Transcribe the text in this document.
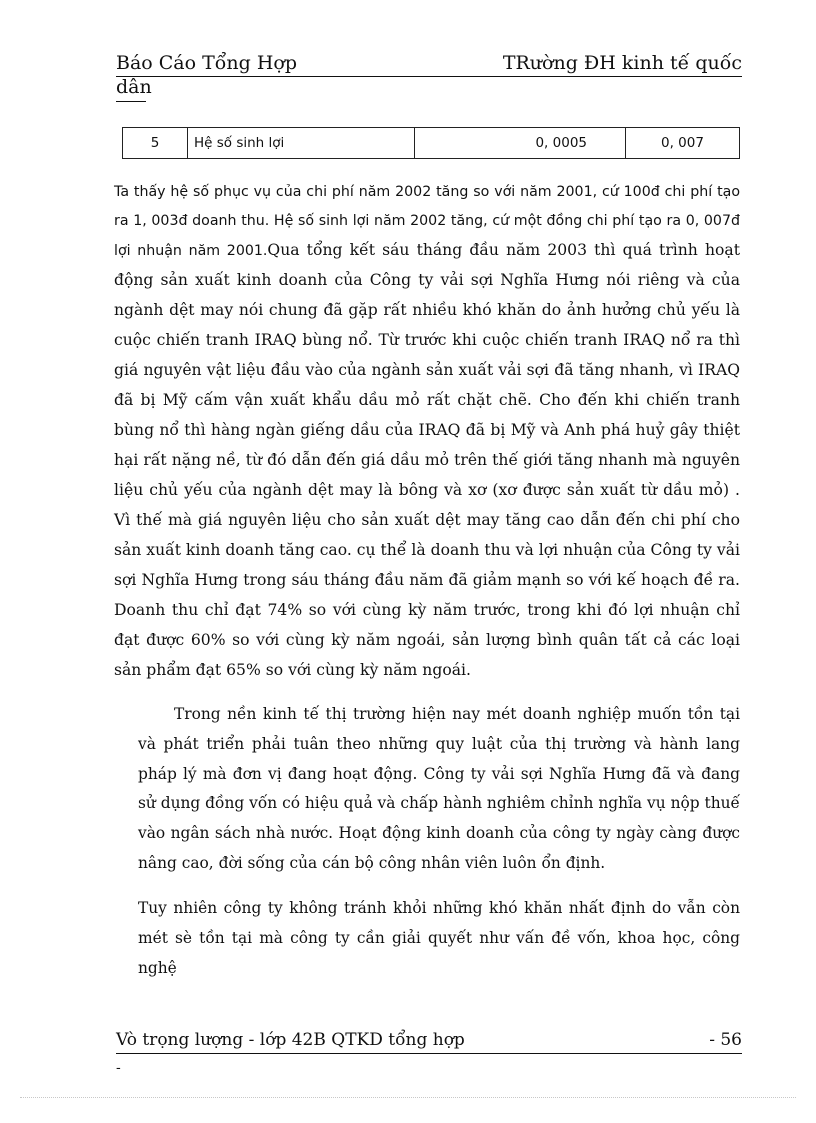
Báo Cáo Tổng Hợp	TRường ĐH kinh tế quốc
dân
5	Hệ số sinh lợi	0, 0005	0, 007

Ta thấy hệ số phục vụ của chi phí năm 2002 tăng so với năm 2001, cứ 100đ chi phí tạo ra 1, 003đ doanh thu. Hệ số sinh lợi năm 2002 tăng, cứ một đồng chi phí tạo ra 0, 007đ lợi nhuận năm 2001.Qua tổng kết sáu tháng đầu năm 2003 thì quá trình hoạt động sản xuất kinh doanh của Công ty vải sợi Nghĩa Hưng nói riêng và của ngành dệt may nói chung đã gặp rất nhiều khó khăn do ảnh hưởng chủ yếu là cuộc chiến tranh IRAQ bùng nổ. Từ trước khi cuộc chiến tranh IRAQ nổ ra thì giá nguyên vật liệu đầu vào của ngành sản xuất vải sợi đã tăng nhanh, vì IRAQ đã bị Mỹ cấm vận xuất khẩu dầu mỏ rất chặt chẽ. Cho đến khi chiến tranh bùng nổ thì hàng ngàn giếng dầu của IRAQ đã bị Mỹ và Anh phá huỷ gây thiệt hại rất nặng nề, từ đó dẫn đến giá dầu mỏ trên thế giới tăng nhanh mà nguyên liệu chủ yếu của ngành dệt may là bông và xơ (xơ được sản xuất từ dầu mỏ) . Vì thế mà giá nguyên liệu cho sản xuất dệt may tăng cao dẫn đến chi phí cho sản xuất kinh doanh tăng cao. cụ thể là doanh thu và lợi nhuận của Công ty vải sợi Nghĩa Hưng trong sáu tháng đầu năm đã giảm mạnh so với kế hoạch đề ra. Doanh thu chỉ đạt 74% so với cùng kỳ năm trước, trong khi đó lợi nhuận chỉ đạt được 60% so với cùng kỳ năm ngoái, sản lượng bình quân tất cả các loại sản phẩm đạt 65% so với cùng kỳ năm ngoái.

Trong nền kinh tế thị trường hiện nay mét doanh nghiệp muốn tồn tại và phát triển phải tuân theo những quy luật của thị trường và hành lang pháp lý mà đơn vị đang hoạt động. Công ty vải sợi Nghĩa Hưng đã và đang sử dụng đồng vốn có hiệu quả và chấp hành nghiêm chỉnh nghĩa vụ nộp thuế vào ngân sách nhà nước. Hoạt động kinh doanh của công ty ngày càng được nâng cao, đời sống của cán bộ công nhân viên luôn ổn định.

Tuy nhiên công ty không tránh khỏi những khó khăn nhất định do vẫn còn mét sè tồn tại mà công ty cần giải quyết như vấn đề vốn, khoa học, công nghệ

Vò trọng lượng - lớp 42B QTKD tổng hợp	- 56
-
